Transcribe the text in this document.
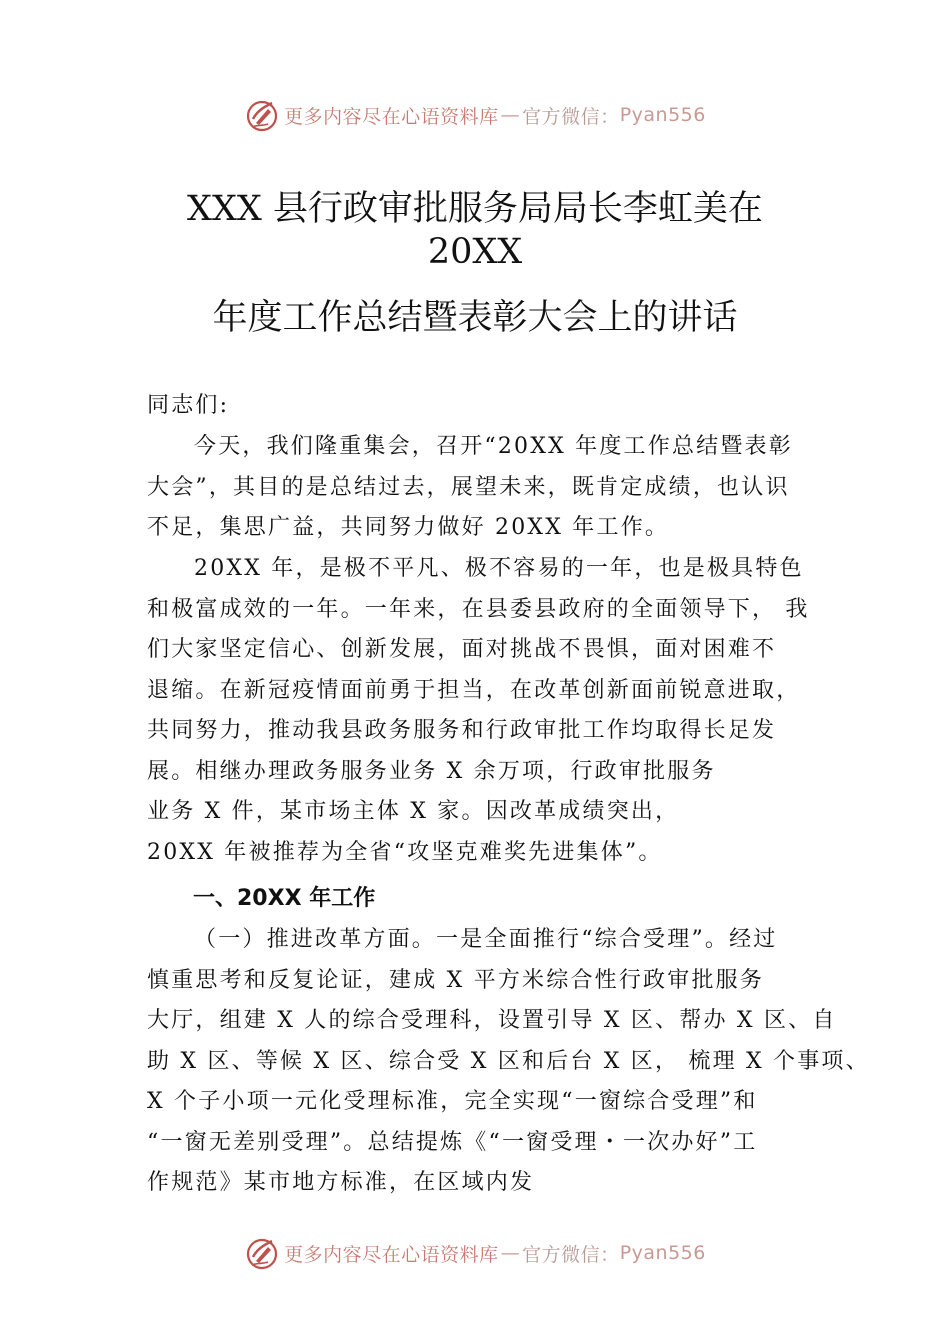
更多内容尽在心语资料库 — 官方微信： Pyan556
XXX 县行政审批服务局局长李虹美在
20XX
年度工作总结暨表彰大会上的讲话
同志们:
今天，我们隆重集会，召开“20XX 年度工作总结暨表彰
大会”，其目的是总结过去，展望未来，既肯定成绩，也认识
不足，集思广益，共同努力做好 20XX 年工作。
20XX 年，是极不平凡、极不容易的一年，也是极具特色
和极富成效的一年。一年来，在县委县政府的全面领导下， 我
们大家坚定信心、创新发展，面对挑战不畏惧，面对困难不
退缩。在新冠疫情面前勇于担当，在改革创新面前锐意进取，
共同努力，推动我县政务服务和行政审批工作均取得长足发
展。相继办理政务服务业务 X 余万项，行政审批服务
业务 X 件，某市场主体 X 家。因改革成绩突出，
20XX 年被推荐为全省“攻坚克难奖先进集体”。
一、20XX 年工作
（一）推进改革方面。一是全面推行“综合受理”。经过
慎重思考和反复论证，建成 X 平方米综合性行政审批服务
大厅，组建 X 人的综合受理科，设置引导 X 区、帮办 X 区、自
助 X 区、等候 X 区、综合受 X 区和后台 X 区， 梳理 X 个事项、
X 个子小项一元化受理标准，完全实现“一窗综合受理”和
“一窗无差别受理”。总结提炼《“一窗受理・一次办好”工
作规范》某市地方标准，在区域内发
更多内容尽在心语资料库 — 官方微信： Pyan556
